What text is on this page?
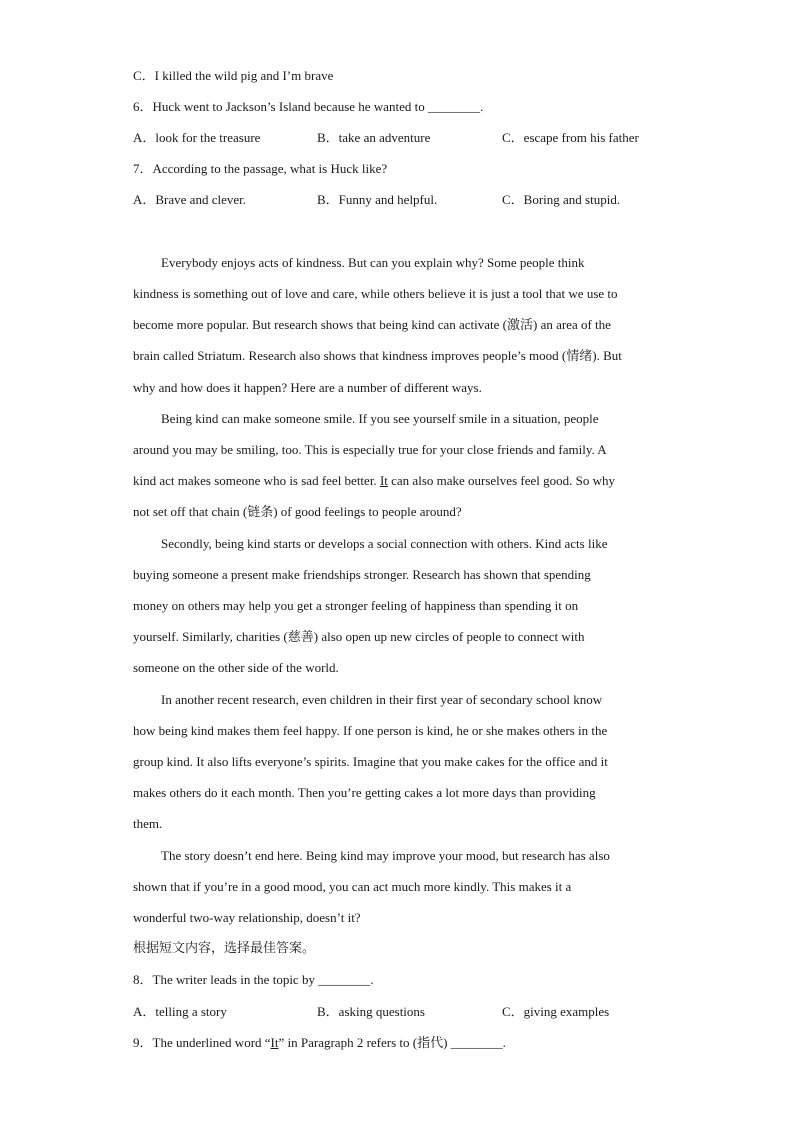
C．I killed the wild pig and I’m brave
6．Huck went to Jackson’s Island because he wanted to ________.
A．look for the treasure	B．take an adventure	C．escape from his father
7．According to the passage, what is Huck like?
A．Brave and clever.	B．Funny and helpful.	C．Boring and stupid.
Everybody enjoys acts of kindness. But can you explain why? Some people think
kindness is something out of love and care, while others believe it is just a tool that we use to
become more popular. But research shows that being kind can activate (激活) an area of the
brain called Striatum. Research also shows that kindness improves people’s mood (情绪). But
why and how does it happen? Here are a number of different ways.
Being kind can make someone smile. If you see yourself smile in a situation, people
around you may be smiling, too. This is especially true for your close friends and family. A
kind act makes someone who is sad feel better. It can also make ourselves feel good. So why
not set off that chain (链条) of good feelings to people around?
Secondly, being kind starts or develops a social connection with others. Kind acts like
buying someone a present make friendships stronger. Research has shown that spending
money on others may help you get a stronger feeling of happiness than spending it on
yourself. Similarly, charities (慈善) also open up new circles of people to connect with
someone on the other side of the world.
In another recent research, even children in their first year of secondary school know
how being kind makes them feel happy. If one person is kind, he or she makes others in the
group kind. It also lifts everyone’s spirits. Imagine that you make cakes for the office and it
makes others do it each month. Then you’re getting cakes a lot more days than providing
them.
The story doesn’t end here. Being kind may improve your mood, but research has also
shown that if you’re in a good mood, you can act much more kindly. This makes it a
wonderful two-way relationship, doesn’t it?
根据短文内容，选择最佳答案。
8．The writer leads in the topic by ________.
A．telling a story	B．asking questions	C．giving examples
9．The underlined word “It” in Paragraph 2 refers to (指代) ________.
